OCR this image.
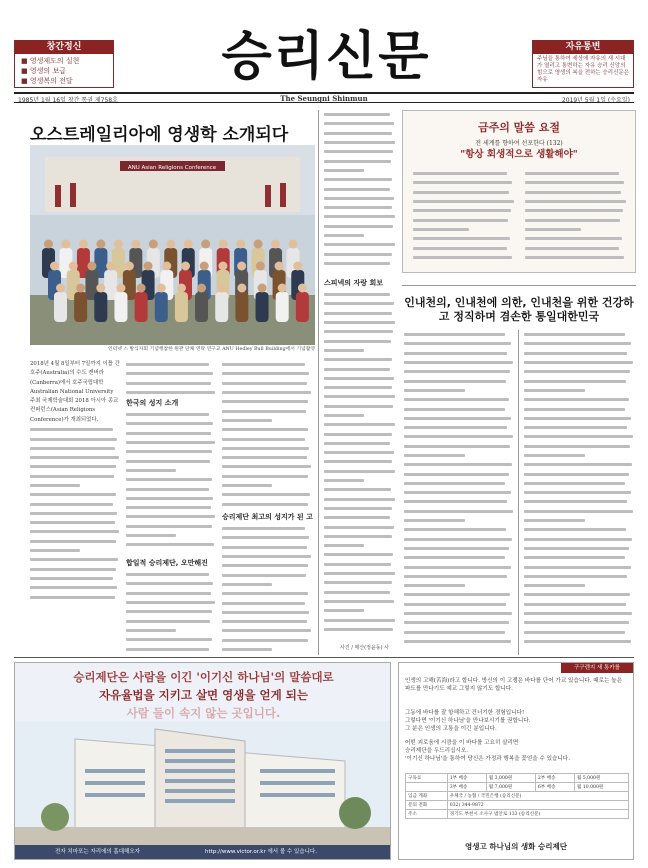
창간정신
■ 영생제도의 실현
■ 영생의 보급
■ 영생복의 전달	승리신문	자유통변
주님을 통하여 세상에 자유의 새 시대가 열리고 통변하는 자유 승리 신앙의 힘으로 영생의 복을 전하는 승리신문은 자유
1985년 1월 16일 창간 통권 제758호	The Seungni Shinmun	2019년 5월 1일 (수요일)
오스트레일리아에 영생학 소개되다
ANU Asian Religions Conference
인터넷 스 방식자회 기념행참한 원관 단체 연락 연구교 ANU Hedley Bull Building에서 기념촬영
2018년 4월 8일부터 7일까지 이틀 간 호주(Australia)의 수도 캔버라(Canberra)에서 호주국립대학 Australian National University 주최 국제학술대회 2018 아시아 종교 컨퍼런스(Asian Religions Conference)가 개최되었다.
한국의 성지 소개
합일적 승리제단, 오만해진
승리제단 최고의 성지가 된 고
스피넥의 자랑 회보
사진 / 매산(정윤동) 사
금주의 말씀 요절
전 세계를 향하여 선포한다 (132)
"항상 회생적으로 생활해야"
인내천의, 인내천에 의한, 인내천을 위한 건강하고 정직하며 겸손한 통일대한민국
승리제단은 사람을 이긴 '이기신 하나님'의 말씀대로
자유율법을 지키고 살면 영생을 얻게 되는
사람 들이 속지 않는 곳입니다.
전자 치마포는 자리에의 흡대해오자	http://www.victor.or.kr 에서 볼 수 있습니다.
구구렌지 새 통카를
인생의 고해(苦海)라고 합니다. 방신의 이 고쟁은 바다를 단어 가교 있습니다. 때로는 높은 파도를 만나기도 예교 그렇지 않기도 합니다.
그동에 바다를 잘 항해하고 건너기한 경험입니다!
그렇다면 '이기신 하나님'을 만나보시기를 권합니다.
그 분은 인생의 고통을 이긴 분입니다.
어떤 괴로움에 시큼을 이 바다를 고요히 살리면
승리제단을 두드리십시오.
'이기신 하나님'을 통하여 당신은 가정과 행복을 꽃얻을 수 있습니다.
구독료	1부 배송	월 3,000원	2부 배송	월 5,000원
	3부 배송	월 7,000원	6부 배송	월 10,000원
입금 계좌	우체국 / 농협 / 국민은행 (승리신문)			
문의 전화	032) 344-9872			
주소	경기도 부천시 소사구 범안로 133 (승리신문)			
영생고 하나님의 생화 승리제단
